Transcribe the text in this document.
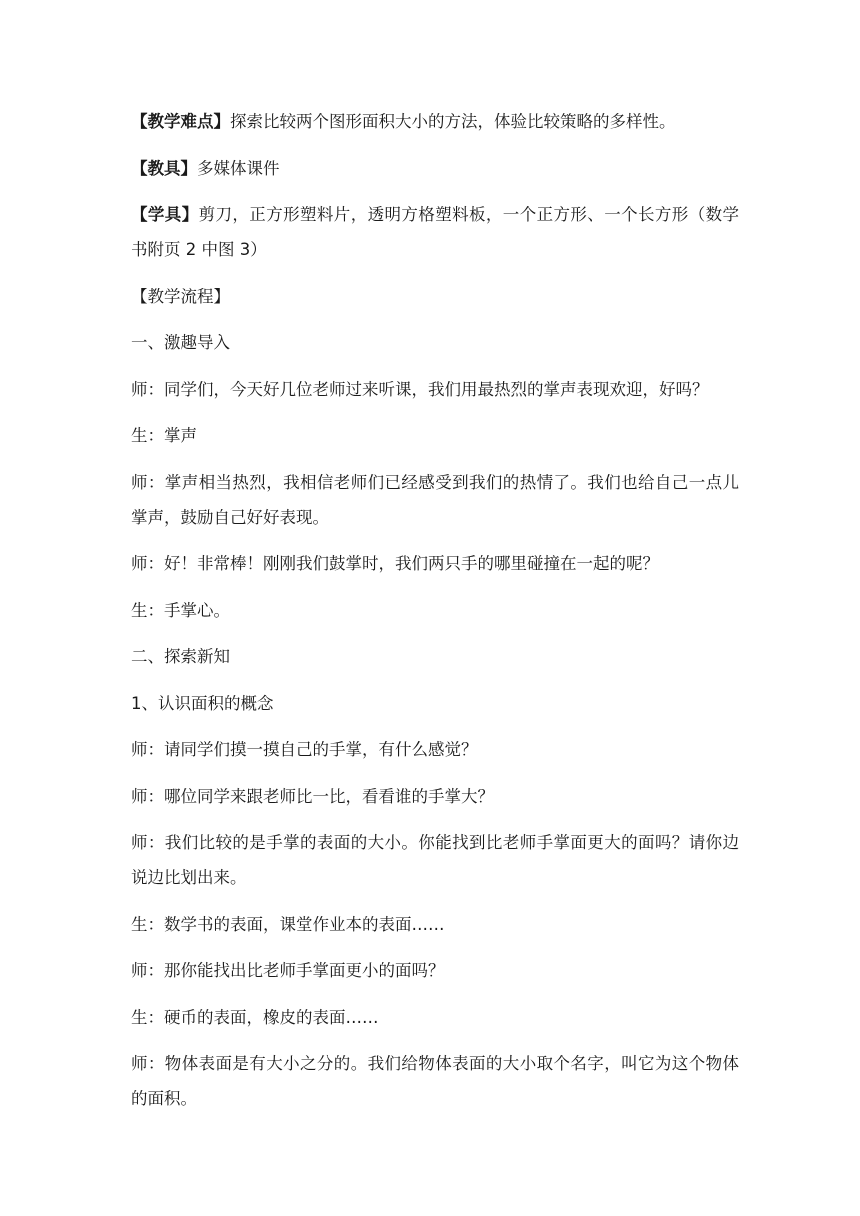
【教学难点】探索比较两个图形面积大小的方法，体验比较策略的多样性。

【教具】多媒体课件

【学具】剪刀，正方形塑料片，透明方格塑料板，一个正方形、一个长方形（数学书附页 2 中图 3）

【教学流程】

一、激趣导入

师：同学们，今天好几位老师过来听课，我们用最热烈的掌声表现欢迎，好吗？

生：掌声

师：掌声相当热烈，我相信老师们已经感受到我们的热情了。我们也给自己一点儿掌声，鼓励自己好好表现。

师：好！非常棒！刚刚我们鼓掌时，我们两只手的哪里碰撞在一起的呢？

生：手掌心。

二、探索新知

1、认识面积的概念

师：请同学们摸一摸自己的手掌，有什么感觉？

师：哪位同学来跟老师比一比，看看谁的手掌大？

师：我们比较的是手掌的表面的大小。你能找到比老师手掌面更大的面吗？请你边说边比划出来。

生：数学书的表面，课堂作业本的表面……

师：那你能找出比老师手掌面更小的面吗？

生：硬币的表面，橡皮的表面……

师：物体表面是有大小之分的。我们给物体表面的大小取个名字，叫它为这个物体的面积。
